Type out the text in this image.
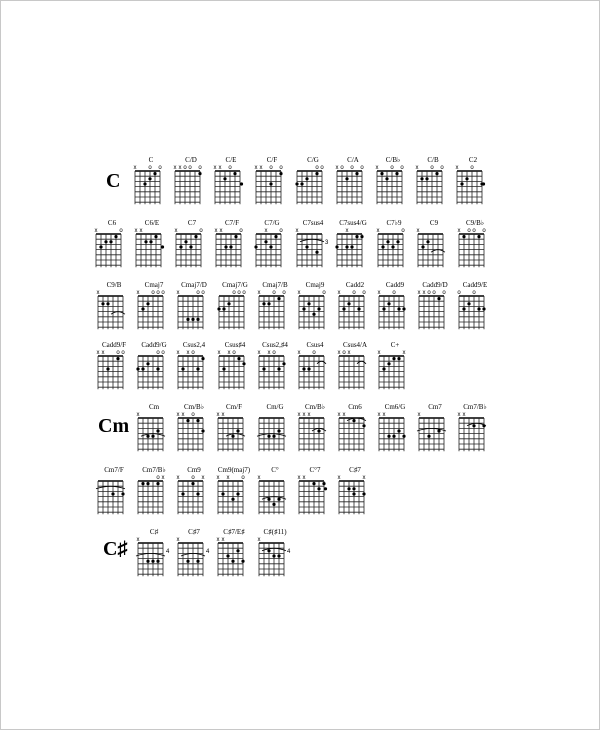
C
Cm
C♯
C
x o o
C/D
x x o o o
C/E
x x o
C/F
x x o o
C/G
o o
C/A
x o o o
C/B♭
x o o
C/B
x o o
C2
x o
C6
x	o
C6/E
x x
C7
x	o
C7/F
x x	o
C7/G
x o
C7sus4
x
3
C7sus4/G
x
C7♭9
x	o
C9
x
C9/B♭
x o o o
C9/B
x
Cmaj7
x o o o
Cmaj7/D
x	o o
Cmaj7/G
o o o
Cmaj7/B
x o o
Cmaj9
x	o
Cadd2
x o o
Cadd9
x o
Cadd9/D
x x o o o
Cadd9/E
o o
Cadd9/F
x x o o
Cadd9/G
o o
Csus2,4
x x o
Csus♯4
x x o
Csus2,♯4
x x o
Csus4
x o
Csus4/A
x o x
C+
x	x
Cm
x
Cm/B♭
x x o
Cm/F
x x
Cm/G	Cm/B♭
x x x
Cm6
x x
Cm6/G
x x
Cm7
x
Cm7/B♭
x x
Cm7/F	Cm7/B♭
o x
Cm9
x o x
Cm9(maj7)
x x o
C°
x
C°7
x x
C♯7
x	x
C♯
x
4
C♯7
x
4
C♯7/E♯
x x
C♯(♯11)
x
4
